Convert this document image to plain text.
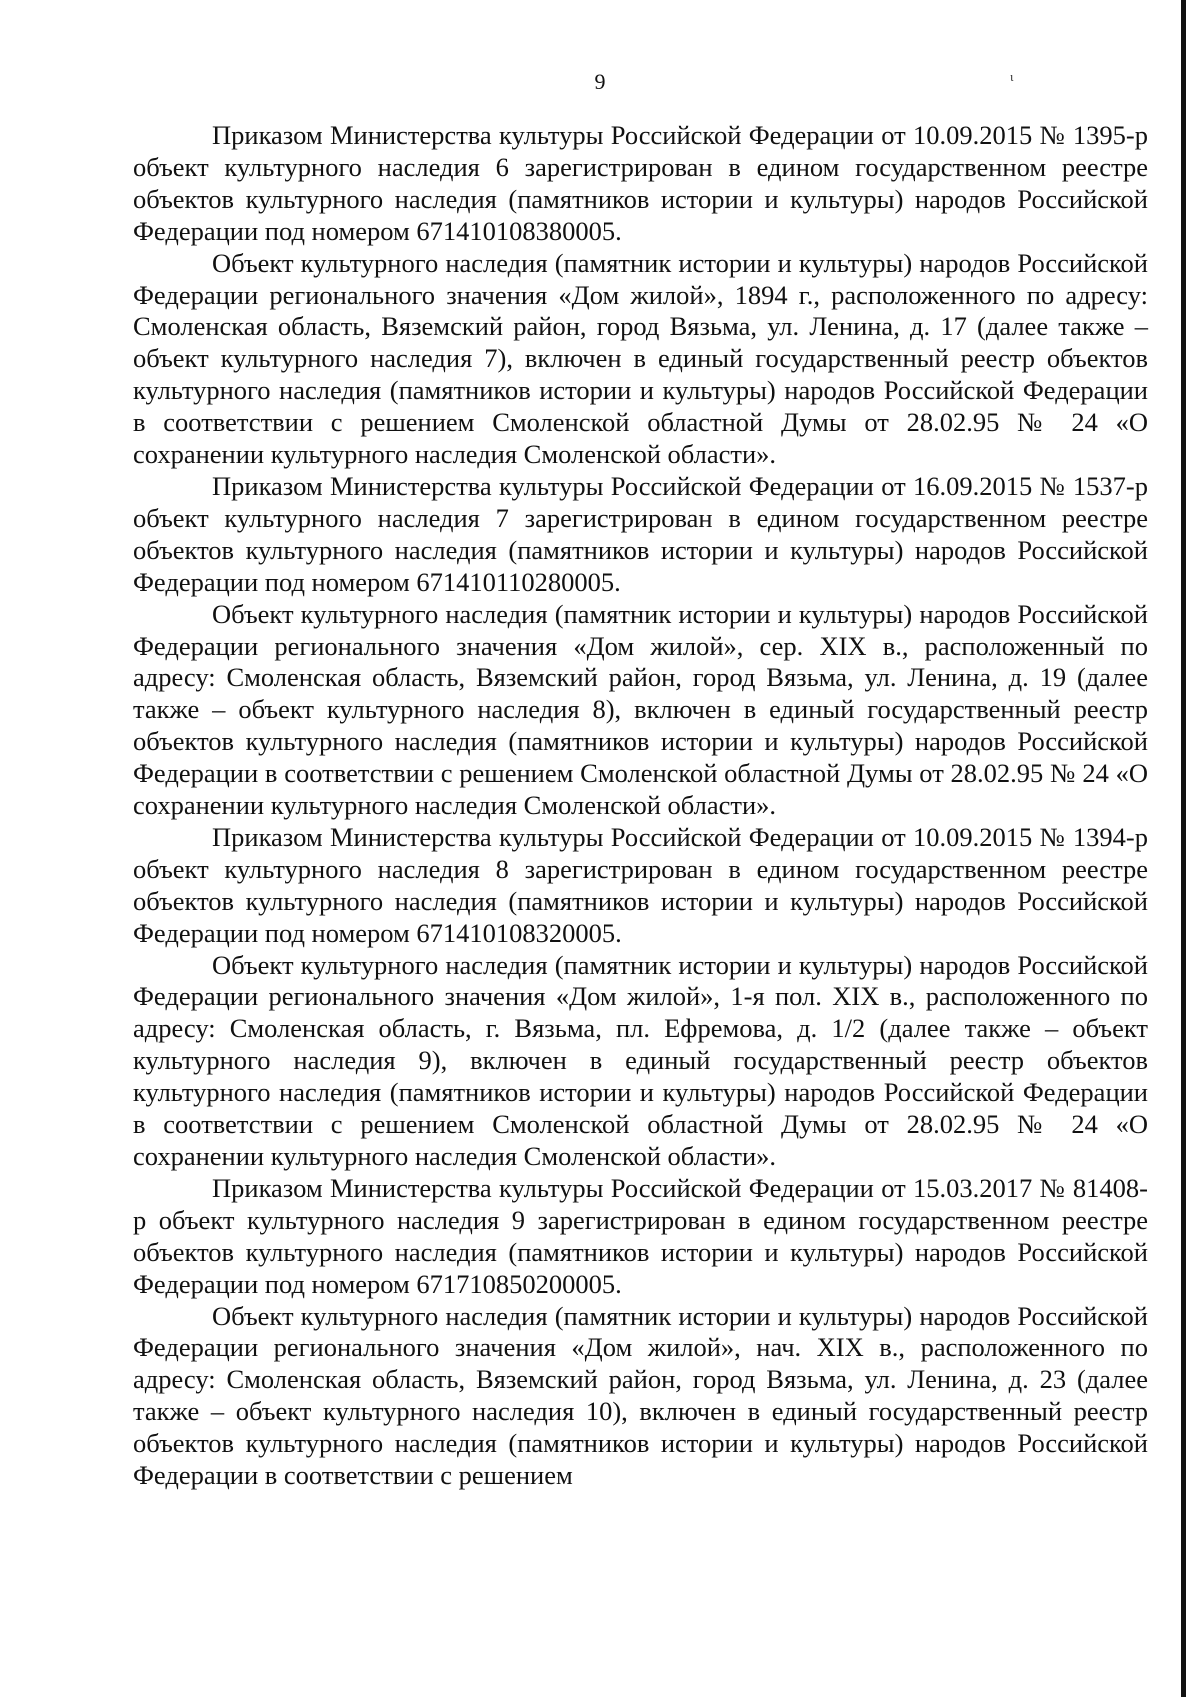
9	ι

Приказом Министерства культуры Российской Федерации от 10.09.2015 № 1395-р объект культурного наследия 6 зарегистрирован в едином государственном реестре объектов культурного наследия (памятников истории и культуры) народов Российской Федерации под номером 671410108380005.

Объект культурного наследия (памятник истории и культуры) народов Российской Федерации регионального значения «Дом жилой», 1894 г., расположенного по адресу: Смоленская область, Вяземский район, город Вязьма, ул. Ленина, д. 17 (далее также – объект культурного наследия 7), включен в единый государственный реестр объектов культурного наследия (памятников истории и культуры) народов Российской Федерации в соответствии с решением Смоленской областной Думы от 28.02.95 № 24 «О сохранении культурного наследия Смоленской области».

Приказом Министерства культуры Российской Федерации от 16.09.2015 № 1537-р объект культурного наследия 7 зарегистрирован в едином государственном реестре объектов культурного наследия (памятников истории и культуры) народов Российской Федерации под номером 671410110280005.

Объект культурного наследия (памятник истории и культуры) народов Российской Федерации регионального значения «Дом жилой», сер. XIX в., расположенный по адресу: Смоленская область, Вяземский район, город Вязьма, ул. Ленина, д. 19 (далее также – объект культурного наследия 8), включен в единый государственный реестр объектов культурного наследия (памятников истории и культуры) народов Российской Федерации в соответствии с решением Смоленской областной Думы от 28.02.95 № 24 «О сохранении культурного наследия Смоленской области».

Приказом Министерства культуры Российской Федерации от 10.09.2015 № 1394-р объект культурного наследия 8 зарегистрирован в едином государственном реестре объектов культурного наследия (памятников истории и культуры) народов Российской Федерации под номером 671410108320005.

Объект культурного наследия (памятник истории и культуры) народов Российской Федерации регионального значения «Дом жилой», 1-я пол. XIX в., расположенного по адресу: Смоленская область, г. Вязьма, пл. Ефремова, д. 1/2 (далее также – объект культурного наследия 9), включен в единый государственный реестр объектов культурного наследия (памятников истории и культуры) народов Российской Федерации в соответствии с решением Смоленской областной Думы от 28.02.95 № 24 «О сохранении культурного наследия Смоленской области».

Приказом Министерства культуры Российской Федерации от 15.03.2017 № 81408-р объект культурного наследия 9 зарегистрирован в едином государственном реестре объектов культурного наследия (памятников истории и культуры) народов Российской Федерации под номером 671710850200005.

Объект культурного наследия (памятник истории и культуры) народов Российской Федерации регионального значения «Дом жилой», нач. XIX в., расположенного по адресу: Смоленская область, Вяземский район, город Вязьма, ул. Ленина, д. 23 (далее также – объект культурного наследия 10), включен в единый государственный реестр объектов культурного наследия (памятников истории и культуры) народов Российской Федерации в соответствии с решением
